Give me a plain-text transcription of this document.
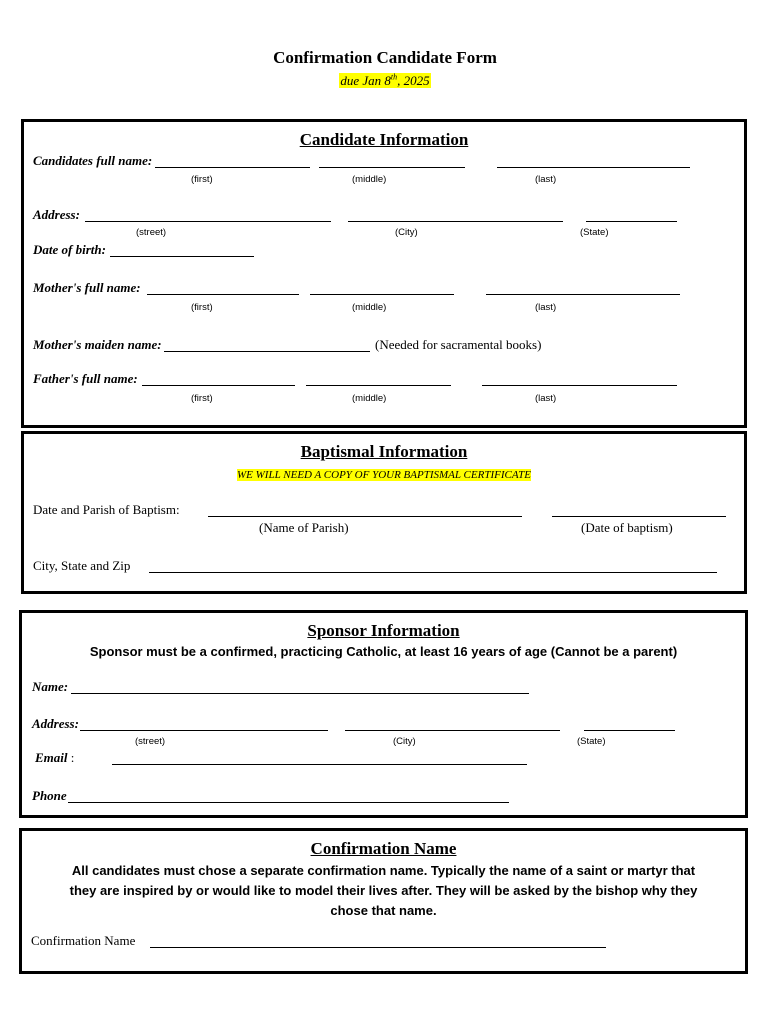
Confirmation Candidate Form
due Jan 8th, 2025
Candidate Information
Candidates full name:
(first)	(middle)	(last)
Address:
(street)	(City)	(State)
Date of birth:
Mother's full name:
(first)	(middle)	(last)
Mother's maiden name:	(Needed for sacramental books)
Father's full name:
(first)	(middle)	(last)
Baptismal Information
WE WILL NEED A COPY OF YOUR BAPTISMAL CERTIFICATE
Date and Parish of Baptism:
(Name of Parish)	(Date of baptism)
City, State and Zip
Sponsor Information
Sponsor must be a confirmed, practicing Catholic, at least 16 years of age (Cannot be a parent)
Name:
Address:
(street)	(City)	(State)
Email :
Phone
Confirmation Name
All candidates must chose a separate confirmation name. Typically the name of a saint or martyr that
they are inspired by or would like to model their lives after. They will be asked by the bishop why they
chose that name.
Confirmation Name
